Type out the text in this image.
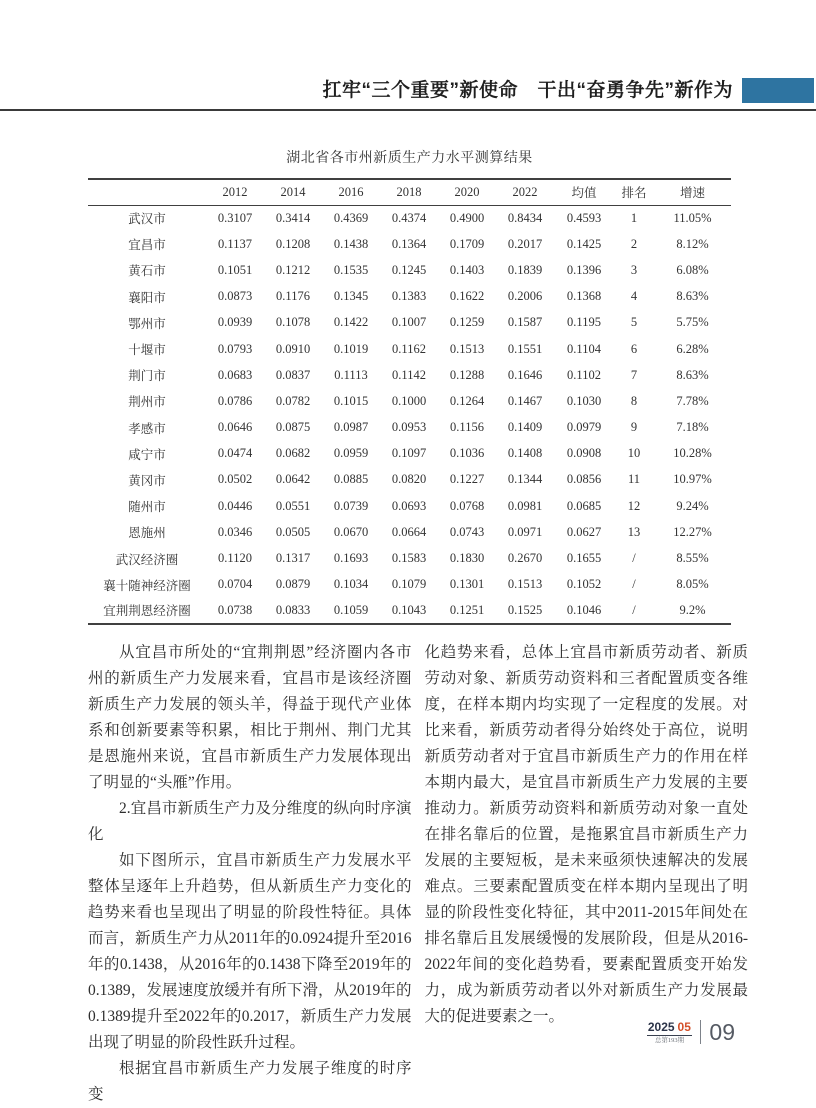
扛牢“三个重要”新使命　干出“奋勇争先”新作为
湖北省各市州新质生产力水平测算结果
	2012	2014	2016	2018	2020	2022	均值	排名	增速
武汉市	0.3107	0.3414	0.4369	0.4374	0.4900	0.8434	0.4593	1	11.05%
宜昌市	0.1137	0.1208	0.1438	0.1364	0.1709	0.2017	0.1425	2	8.12%
黄石市	0.1051	0.1212	0.1535	0.1245	0.1403	0.1839	0.1396	3	6.08%
襄阳市	0.0873	0.1176	0.1345	0.1383	0.1622	0.2006	0.1368	4	8.63%
鄂州市	0.0939	0.1078	0.1422	0.1007	0.1259	0.1587	0.1195	5	5.75%
十堰市	0.0793	0.0910	0.1019	0.1162	0.1513	0.1551	0.1104	6	6.28%
荆门市	0.0683	0.0837	0.1113	0.1142	0.1288	0.1646	0.1102	7	8.63%
荆州市	0.0786	0.0782	0.1015	0.1000	0.1264	0.1467	0.1030	8	7.78%
孝感市	0.0646	0.0875	0.0987	0.0953	0.1156	0.1409	0.0979	9	7.18%
咸宁市	0.0474	0.0682	0.0959	0.1097	0.1036	0.1408	0.0908	10	10.28%
黄冈市	0.0502	0.0642	0.0885	0.0820	0.1227	0.1344	0.0856	11	10.97%
随州市	0.0446	0.0551	0.0739	0.0693	0.0768	0.0981	0.0685	12	9.24%
恩施州	0.0346	0.0505	0.0670	0.0664	0.0743	0.0971	0.0627	13	12.27%
武汉经济圈	0.1120	0.1317	0.1693	0.1583	0.1830	0.2670	0.1655	/	8.55%
襄十随神经济圈	0.0704	0.0879	0.1034	0.1079	0.1301	0.1513	0.1052	/	8.05%
宜荆荆恩经济圈	0.0738	0.0833	0.1059	0.1043	0.1251	0.1525	0.1046	/	9.2%

从宜昌市所处的“宜荆荆恩”经济圈内各市州的新质生产力发展来看，宜昌市是该经济圈新质生产力发展的领头羊，得益于现代产业体系和创新要素等积累，相比于荆州、荆门尤其是恩施州来说，宜昌市新质生产力发展体现出了明显的“头雁”作用。

2.宜昌市新质生产力及分维度的纵向时序演化

如下图所示，宜昌市新质生产力发展水平整体呈逐年上升趋势，但从新质生产力变化的趋势来看也呈现出了明显的阶段性特征。具体而言，新质生产力从2011年的0.0924提升至2016年的0.1438，从2016年的0.1438下降至2019年的0.1389，发展速度放缓并有所下滑，从2019年的0.1389提升至2022年的0.2017，新质生产力发展出现了明显的阶段性跃升过程。

根据宜昌市新质生产力发展子维度的时序变

化趋势来看，总体上宜昌市新质劳动者、新质劳动对象、新质劳动资料和三者配置质变各维度，在样本期内均实现了一定程度的发展。对比来看，新质劳动者得分始终处于高位，说明新质劳动者对于宜昌市新质生产力的作用在样本期内最大，是宜昌市新质生产力发展的主要推动力。新质劳动资料和新质劳动对象一直处在排名靠后的位置，是拖累宜昌市新质生产力发展的主要短板，是未来亟须快速解决的发展难点。三要素配置质变在样本期内呈现出了明显的阶段性变化特征，其中2011-2015年间处在排名靠后且发展缓慢的发展阶段，但是从2016-2022年间的变化趋势看，要素配置质变开始发力，成为新质劳动者以外对新质生产力发展最大的促进要素之一。

2025 05
总第193期 09
